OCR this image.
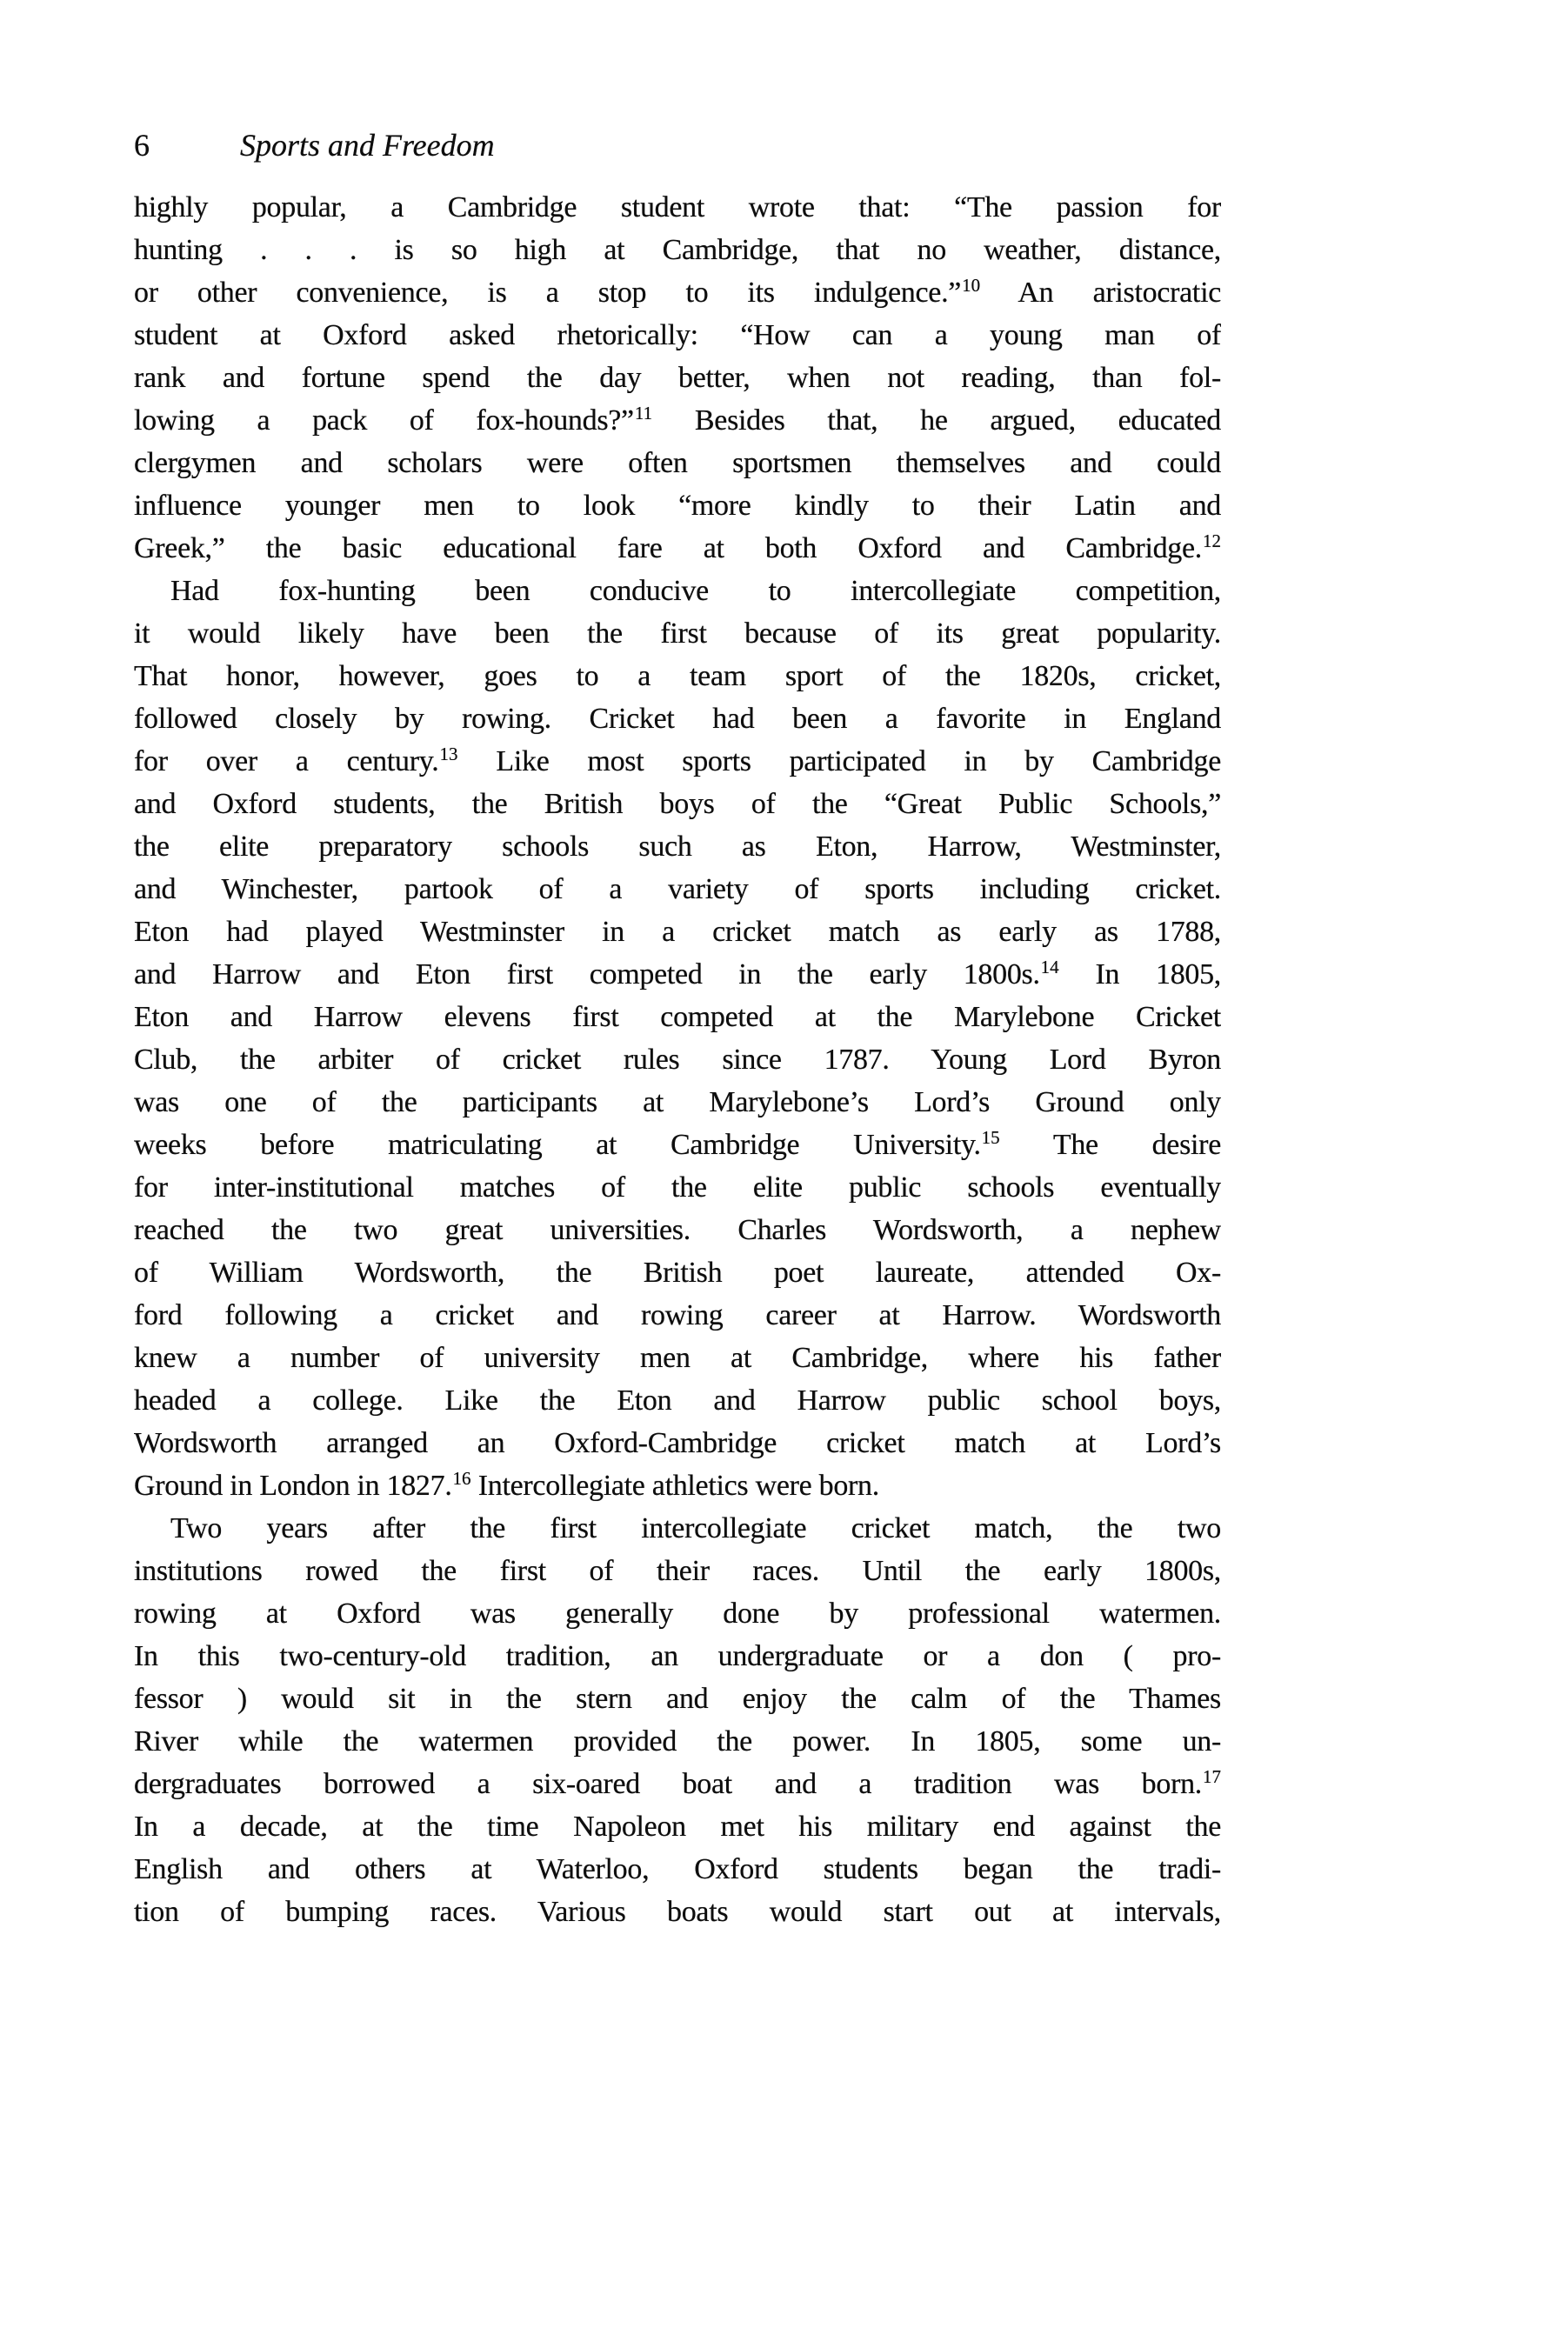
6	Sports and Freedom
highly popular, a Cambridge student wrote that: “The passion for
hunting . . . is so high at Cambridge, that no weather, distance,
or other convenience, is a stop to its indulgence.”$^{10}$ An aristocratic
student at Oxford asked rhetorically: “How can a young man of
rank and fortune spend the day better, when not reading, than fol-
lowing a pack of fox-hounds?”$^{11}$ Besides that, he argued, educated
clergymen and scholars were often sportsmen themselves and could
influence younger men to look “more kindly to their Latin and
Greek,” the basic educational fare at both Oxford and Cambridge.$^{12}$
Had fox-hunting been conducive to intercollegiate competition,
it would likely have been the first because of its great popularity.
That honor, however, goes to a team sport of the 1820s, cricket,
followed closely by rowing. Cricket had been a favorite in England
for over a century.$^{13}$ Like most sports participated in by Cambridge
and Oxford students, the British boys of the “Great Public Schools,”
the elite preparatory schools such as Eton, Harrow, Westminster,
and Winchester, partook of a variety of sports including cricket.
Eton had played Westminster in a cricket match as early as 1788,
and Harrow and Eton first competed in the early 1800s.$^{14}$ In 1805,
Eton and Harrow elevens first competed at the Marylebone Cricket
Club, the arbiter of cricket rules since 1787. Young Lord Byron
was one of the participants at Marylebone’s Lord’s Ground only
weeks before matriculating at Cambridge University.$^{15}$ The desire
for inter-institutional matches of the elite public schools eventually
reached the two great universities. Charles Wordsworth, a nephew
of William Wordsworth, the British poet laureate, attended Ox-
ford following a cricket and rowing career at Harrow. Wordsworth
knew a number of university men at Cambridge, where his father
headed a college. Like the Eton and Harrow public school boys,
Wordsworth arranged an Oxford-Cambridge cricket match at Lord’s
Ground in London in 1827.16 Intercollegiate athletics were born.
Two years after the first intercollegiate cricket match, the two
institutions rowed the first of their races. Until the early 1800s,
rowing at Oxford was generally done by professional watermen.
In this two-century-old tradition, an undergraduate or a don ( pro-
fessor ) would sit in the stern and enjoy the calm of the Thames
River while the watermen provided the power. In 1805, some un-
dergraduates borrowed a six-oared boat and a tradition was born.$^{17}$
In a decade, at the time Napoleon met his military end against the
English and others at Waterloo, Oxford students began the tradi-
tion of bumping races. Various boats would start out at intervals,
